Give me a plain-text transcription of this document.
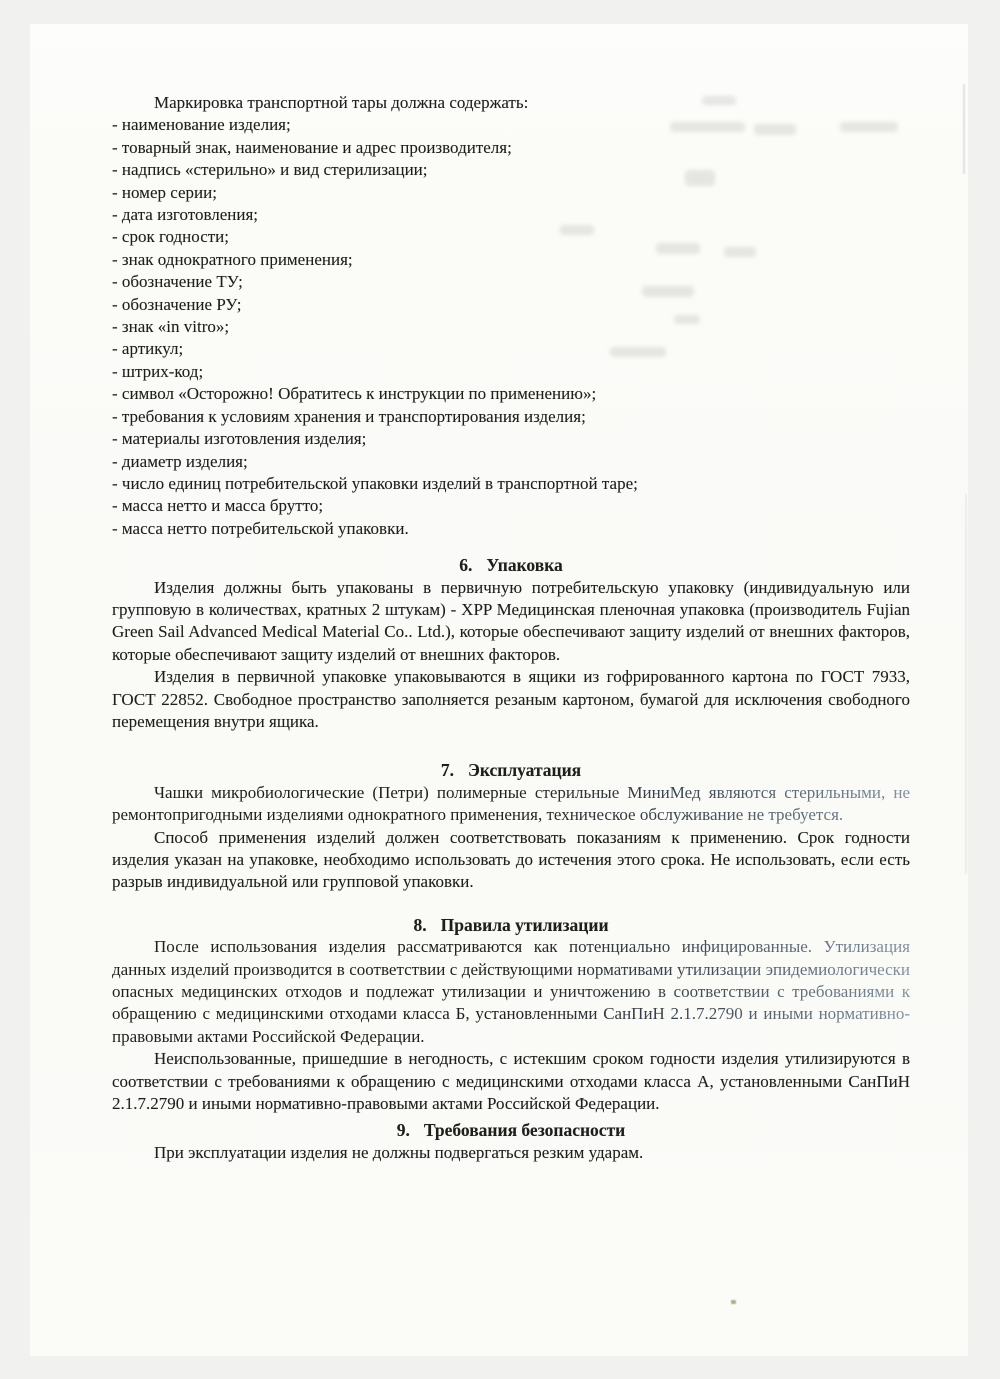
Маркировка транспортной тары должна содержать:

- наименование изделия;
- товарный знак, наименование и адрес производителя;
- надпись «стерильно» и вид стерилизации;
- номер серии;
- дата изготовления;
- срок годности;
- знак однократного применения;
- обозначение ТУ;
- обозначение РУ;
- знак «in vitro»;
- артикул;
- штрих-код;
- символ «Осторожно! Обратитесь к инструкции по применению»;
- требования к условиям хранения и транспортирования изделия;
- материалы изготовления изделия;
- диаметр изделия;
- число единиц потребительской упаковки изделий в транспортной таре;
- масса нетто и масса брутто;
- масса нетто потребительской упаковки.
6. Упаковка

Изделия должны быть упакованы в первичную потребительскую упаковку (индивидуальную или групповую в количествах, кратных 2 штукам) - XPP Медицинская пленочная упаковка (производитель Fujian Green Sail Advanced Medical Material Co.. Ltd.), которые обеспечивают защиту изделий от внешних факторов, которые обеспечивают защиту изделий от внешних факторов.

Изделия в первичной упаковке упаковываются в ящики из гофрированного картона по ГОСТ 7933, ГОСТ 22852. Свободное пространство заполняется резаным картоном, бумагой для исключения свободного перемещения внутри ящика.

7. Эксплуатация

Чашки микробиологические (Петри) полимерные стерильные МиниМед являются стерильными, не ремонтопригодными изделиями однократного применения, техническое обслуживание не требуется.

Способ применения изделий должен соответствовать показаниям к применению. Срок годности изделия указан на упаковке, необходимо использовать до истечения этого срока. Не использовать, если есть разрыв индивидуальной или групповой упаковки.

8. Правила утилизации

После использования изделия рассматриваются как потенциально инфицированные. Утилизация данных изделий производится в соответствии с действующими нормативами утилизации эпидемиологически опасных медицинских отходов и подлежат утилизации и уничтожению в соответствии с требованиями к обращению с медицинскими отходами класса Б, установленными СанПиН 2.1.7.2790 и иными нормативно-правовыми актами Российской Федерации.

Неиспользованные, пришедшие в негодность, с истекшим сроком годности изделия утилизируются в соответствии с требованиями к обращению с медицинскими отходами класса А, установленными СанПиН 2.1.7.2790 и иными нормативно-правовыми актами Российской Федерации.

9. Требования безопасности

При эксплуатации изделия не должны подвергаться резким ударам.
